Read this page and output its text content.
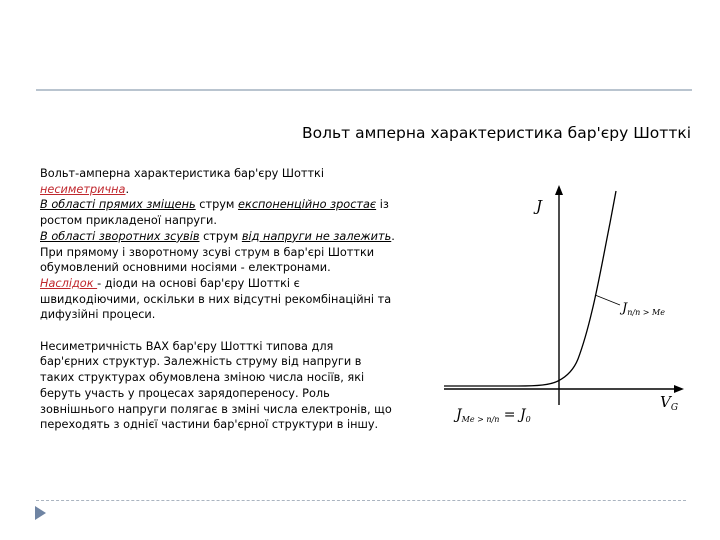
Вольт амперна характеристика бар'єру Шотткі

Вольт-амперна характеристика бар'єру Шотткі

несиметрична.

В області прямих зміщень струм експоненційно зростає із

ростом прикладеної напруги.

В області зворотних зсувів струм від напруги не залежить.

При прямому і зворотному зсуві струм в бар'єрі Шоттки

обумовлений основними носіями - електронами.

Наслідок - діоди на основі бар'єру Шотткі є

швидкодіючими, оскільки в них відсутні рекомбінаційні та

дифузійні процеси.

Несиметричність ВАХ бар'єру Шотткі типова для

бар'єрних структур. Залежність струму від напруги в

таких структурах обумовлена зміною числа носіїв, які

беруть участь у процесах зарядопереносу. Роль

зовнішнього напруги полягає в зміні числа електронів, що

переходять з однієї частини бар'єрної структури в іншу.

J
$V_G$
$J_{п/п > Ме}$
$J_{Me > п/п} = J_0$
